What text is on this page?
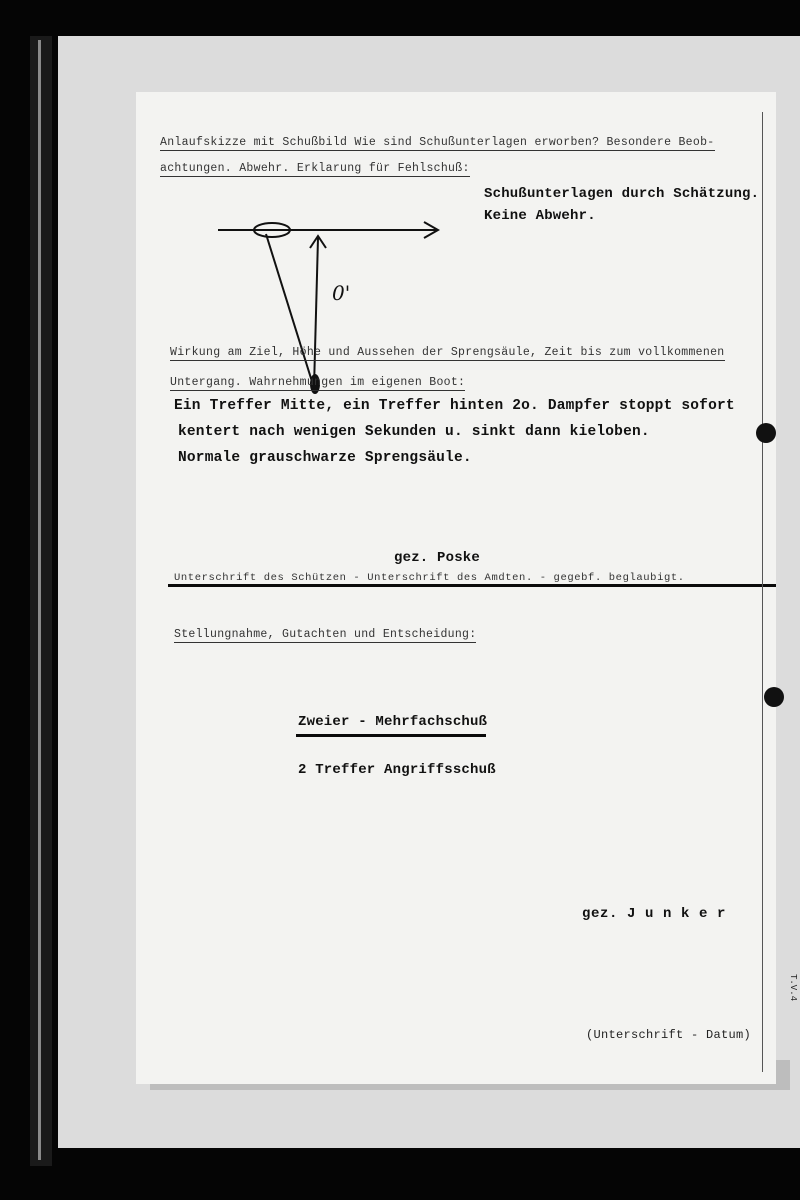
Anlaufskizze mit Schußbild Wie sind Schußunterlagen erworben? Besondere Beob-
achtungen. Abwehr. Erklarung für Fehlschuß:
Schußunterlagen durch Schätzung.
Keine Abwehr.
0'
Wirkung am Ziel, Höhe und Aussehen der Sprengsäule, Zeit bis zum vollkommenen
Untergang. Wahrnehmungen im eigenen Boot:
Ein Treffer Mitte, ein Treffer hinten 2o. Dampfer stoppt sofort
kentert nach wenigen Sekunden u. sinkt dann kieloben.
Normale grauschwarze Sprengsäule.
gez. Poske
Unterschrift des Schützen - Unterschrift des Amdten. - gegebf. beglaubigt.
Stellungnahme, Gutachten und Entscheidung:
Zweier - Mehrfachschuß
2 Treffer Angriffsschuß
gez. J u n k e r
(Unterschrift - Datum)
T.V.4
